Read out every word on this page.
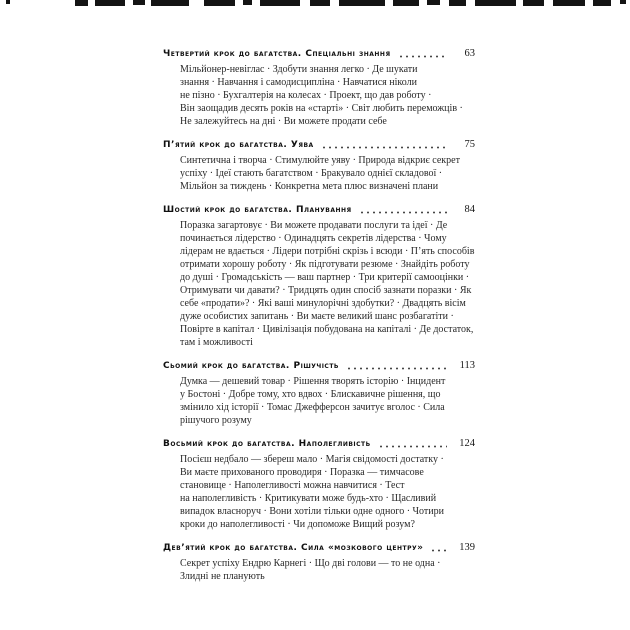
Четвертий крок до багатства. Спеціальні знання	63
Мільйонер-невіглас · Здобути знання легко · Де шукати
знання · Навчання і самодисципліна · Навчатися ніколи
не пізно · Бухгалтерія на колесах · Проект, що дав роботу ·
Він заощадив десять років на «старті» · Світ любить переможців ·
Не залежуйтесь на дні · Ви можете продати себе
П’ятий крок до багатства. Уява	75
Синтетична і творча · Стимулюйте уяву · Природа відкриє секрет
успіху · Ідеї стають багатством · Бракувало однієї складової ·
Мільйон за тиждень · Конкретна мета плюс визначені плани
Шостий крок до багатства. Планування	84
Поразка загартовує · Ви можете продавати послуги та ідеї · Де
починається лідерство · Одинадцять секретів лідерства · Чому
лідерам не вдається · Лідери потрібні скрізь і всюди · П’ять способів
отримати хорошу роботу · Як підготувати резюме · Знайдіть роботу
до душі · Громадськість — ваш партнер · Три критерії самооцінки ·
Отримувати чи давати? · Тридцять один спосіб зазнати поразки · Як
себе «продати»? · Які ваші минулорічні здобутки? · Двадцять вісім
дуже особистих запитань · Ви маєте великий шанс розбагатіти ·
Повірте в капітал · Цивілізація побудована на капіталі · Де достаток,
там і можливості
Сьомий крок до багатства. Рішучість	113
Думка — дешевий товар · Рішення творять історію · Інцидент
у Бостоні · Добре тому, хто вдвох · Блискавичне рішення, що
змінило хід історії · Томас Джефферсон зачитує вголос · Сила
рішучого розуму
Восьмий крок до багатства. Наполегливість	124
Посієш недбало — збереш мало · Магія свідомості достатку ·
Ви маєте прихованого проводиря · Поразка — тимчасове
становище · Наполегливості можна навчитися · Тест
на наполегливість · Критикувати може будь-хто · Щасливий
випадок власноруч · Вони хотіли тільки одне одного · Чотири
кроки до наполегливості · Чи допоможе Вищий розум?
Дев’ятий крок до багатства. Сила «мозкового центру»	139
Секрет успіху Ендрю Карнегі · Що дві голови — то не одна ·
Злидні не планують
